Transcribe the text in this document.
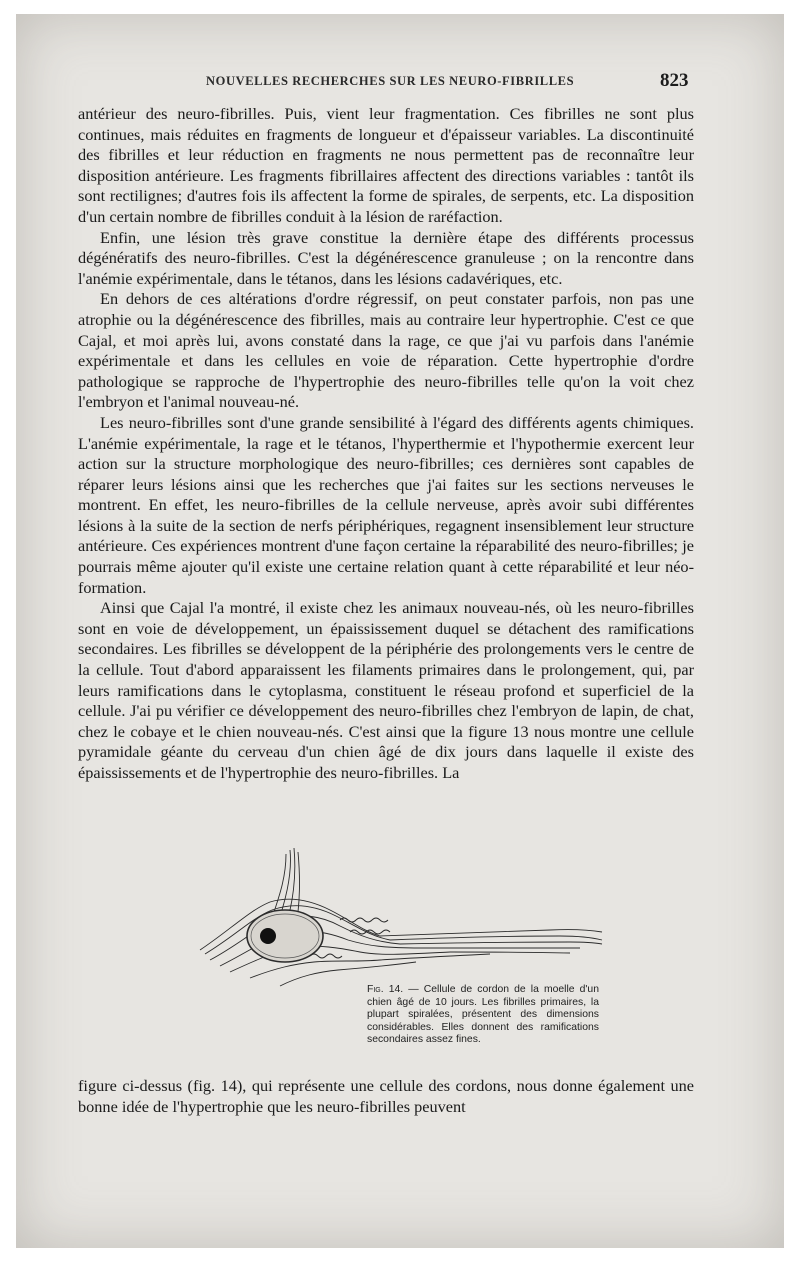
NOUVELLES RECHERCHES SUR LES NEURO-FIBRILLES	823

antérieur des neuro-fibrilles. Puis, vient leur fragmentation. Ces fibrilles ne sont plus continues, mais réduites en fragments de longueur et d'épaisseur variables. La discontinuité des fibrilles et leur réduction en fragments ne nous permettent pas de reconnaître leur disposition antérieure. Les fragments fibrillaires affectent des directions variables : tantôt ils sont rectilignes; d'autres fois ils affectent la forme de spirales, de serpents, etc. La disposition d'un certain nombre de fibrilles conduit à la lésion de raréfaction.

Enfin, une lésion très grave constitue la dernière étape des différents processus dégénératifs des neuro-fibrilles. C'est la dégénérescence granuleuse ; on la rencontre dans l'anémie expérimentale, dans le tétanos, dans les lésions cadavériques, etc.

En dehors de ces altérations d'ordre régressif, on peut constater parfois, non pas une atrophie ou la dégénérescence des fibrilles, mais au contraire leur hypertrophie. C'est ce que Cajal, et moi après lui, avons constaté dans la rage, ce que j'ai vu parfois dans l'anémie expérimentale et dans les cellules en voie de réparation. Cette hypertrophie d'ordre pathologique se rapproche de l'hypertrophie des neuro-fibrilles telle qu'on la voit chez l'embryon et l'animal nouveau-né.

Les neuro-fibrilles sont d'une grande sensibilité à l'égard des différents agents chimiques. L'anémie expérimentale, la rage et le tétanos, l'hyperthermie et l'hypothermie exercent leur action sur la structure morphologique des neuro-fibrilles; ces dernières sont capables de réparer leurs lésions ainsi que les recherches que j'ai faites sur les sections nerveuses le montrent. En effet, les neuro-fibrilles de la cellule nerveuse, après avoir subi différentes lésions à la suite de la section de nerfs périphériques, regagnent insensiblement leur structure antérieure. Ces expériences montrent d'une façon certaine la réparabilité des neuro-fibrilles; je pourrais même ajouter qu'il existe une certaine relation quant à cette réparabilité et leur néo-formation.

Ainsi que Cajal l'a montré, il existe chez les animaux nouveau-nés, où les neuro-fibrilles sont en voie de développement, un épaississement duquel se détachent des ramifications secondaires. Les fibrilles se développent de la périphérie des prolongements vers le centre de la cellule. Tout d'abord apparaissent les filaments primaires dans le prolongement, qui, par leurs ramifications dans le cytoplasma, constituent le réseau profond et superficiel de la cellule. J'ai pu vérifier ce développement des neuro-fibrilles chez l'embryon de lapin, de chat, chez le cobaye et le chien nouveau-nés. C'est ainsi que la figure 13 nous montre une cellule pyramidale géante du cerveau d'un chien âgé de dix jours dans laquelle il existe des épaississements et de l'hypertrophie des neuro-fibrilles. La

Fig. 14. — Cellule de cordon de la moelle d'un chien âgé de 10 jours. Les fibrilles primaires, la plupart spiralées, présentent des dimensions considérables. Elles donnent des ramifications secondaires assez fines.

figure ci-dessus (fig. 14), qui représente une cellule des cordons, nous donne également une bonne idée de l'hypertrophie que les neuro-fibrilles peuvent
